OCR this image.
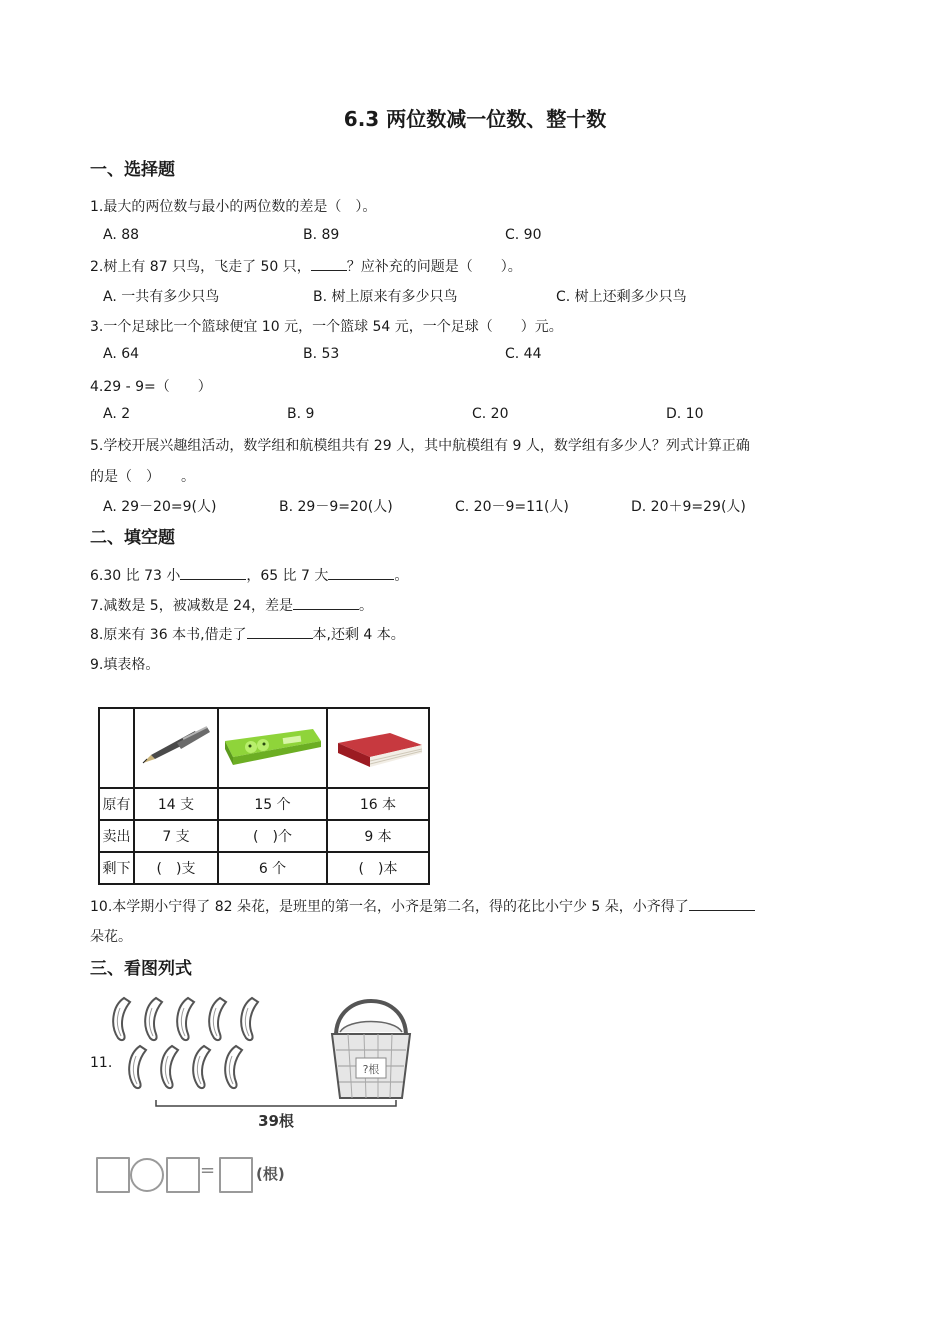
6.3 两位数减一位数、整十数
一、选择题
1.最大的两位数与最小的两位数的差是（　）。
A. 88	B. 89	C. 90
2.树上有 87 只鸟，飞走了 50 只，	？应补充的问题是（　　）。
A. 一共有多少只鸟	B. 树上原来有多少只鸟	C. 树上还剩多少只鸟
3.一个足球比一个篮球便宜 10 元，一个篮球 54 元，一个足球（　　）元。
A. 64	B. 53	C. 44
4.29 - 9=（　　）
A. 2	B. 9	C. 20	D. 10
5.学校开展兴趣组活动，数学组和航模组共有 29 人，其中航模组有 9 人，数学组有多少人？列式计算正确
的是（　）　　。
A. 29－20=9(人)	B. 29－9=20(人)	C. 20－9=11(人)	D. 20＋9=29(人)
二、填空题
6.30 比 73 小	，65 比 7 大	。
7.减数是 5，被减数是 24，差是	。
8.原来有 36 本书,借走了	本,还剩 4 本。
9.填表格。

原有	14 支	15 个	16 本
卖出	7 支	(　)个	9 本
剩下	(　)支	6 个	(　)本
10.本学期小宁得了 82 朵花，是班里的第一名，小齐是第二名，得的花比小宁少 5 朵，小齐得了
朵花。
三、看图列式
11.	?根
39根
=	(根)
